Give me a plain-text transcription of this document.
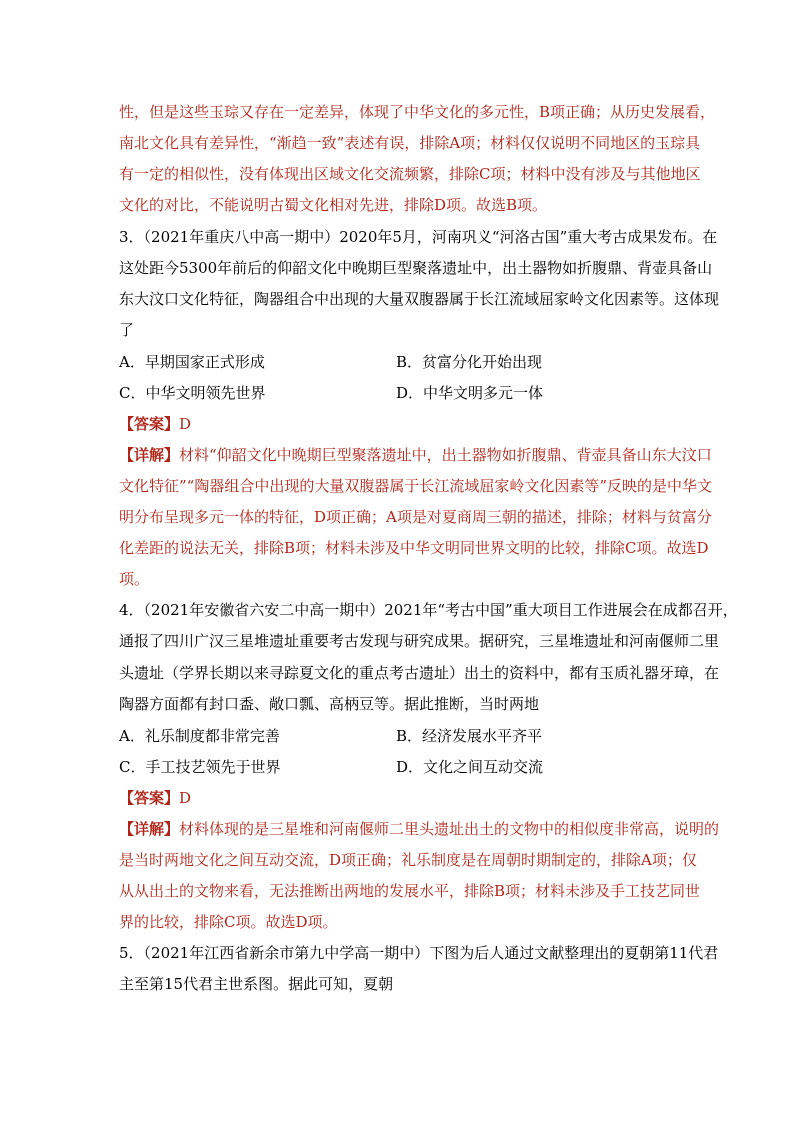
性，但是这些玉琮又存在一定差异，体现了中华文化的多元性，B项正确；从历史发展看，
南北文化具有差异性，“渐趋一致”表述有误，排除A项；材料仅仅说明不同地区的玉琮具
有一定的相似性，没有体现出区域文化交流频繁，排除C项；材料中没有涉及与其他地区
文化的对比，不能说明古蜀文化相对先进，排除D项。故选B项。
3．（2021年重庆八中高一期中）2020年5月，河南巩义“河洛古国”重大考古成果发布。在
这处距今5300年前后的仰韶文化中晚期巨型聚落遗址中，出土器物如折腹鼎、背壶具备山
东大汶口文化特征，陶器组合中出现的大量双腹器属于长江流域屈家岭文化因素等。这体现
了
A．早期国家正式形成	B．贫富分化开始出现
C．中华文明领先世界	D．中华文明多元一体
【答案】D
【详解】材料“仰韶文化中晚期巨型聚落遗址中，出土器物如折腹鼎、背壶具备山东大汶口
文化特征”“陶器组合中出现的大量双腹器属于长江流域屈家岭文化因素等”反映的是中华文
明分布呈现多元一体的特征，D项正确；A项是对夏商周三朝的描述，排除；材料与贫富分
化差距的说法无关，排除B项；材料未涉及中华文明同世界文明的比较，排除C项。故选D
项。
4．（2021年安徽省六安二中高一期中）2021年“考古中国”重大项目工作进展会在成都召开，
通报了四川广汉三星堆遗址重要考古发现与研究成果。据研究，三星堆遗址和河南偃师二里
头遗址（学界长期以来寻踪夏文化的重点考古遗址）出土的资料中，都有玉质礼器牙璋，在
陶器方面都有封口盉、敞口瓢、高柄豆等。据此推断，当时两地
A．礼乐制度都非常完善	B．经济发展水平齐平
C．手工技艺领先于世界	D．文化之间互动交流
【答案】D
【详解】材料体现的是三星堆和河南偃师二里头遗址出土的文物中的相似度非常高，说明的
是当时两地文化之间互动交流，D项正确；礼乐制度是在周朝时期制定的，排除A项；仅
从从出土的文物来看，无法推断出两地的发展水平，排除B项；材料未涉及手工技艺同世
界的比较，排除C项。故选D项。
5．（2021年江西省新余市第九中学高一期中）下图为后人通过文献整理出的夏朝第11代君
主至第15代君主世系图。据此可知，夏朝
